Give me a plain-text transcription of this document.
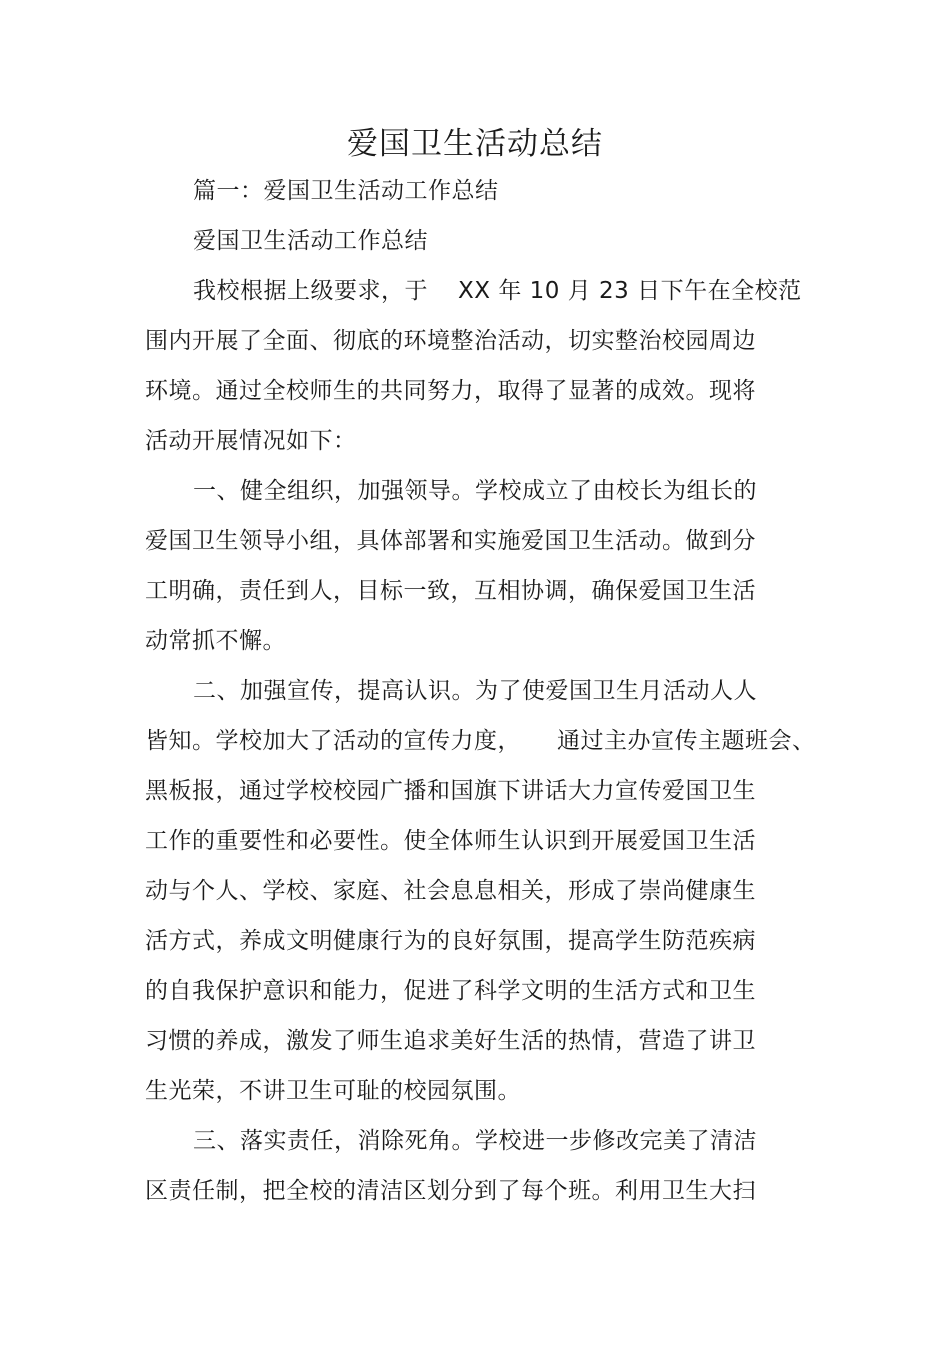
爱国卫生活动总结
篇一：爱国卫生活动工作总结
爱国卫生活动工作总结
我校根据上级要求，于 XX 年 10 月 23 日下午在全校范
围内开展了全面、彻底的环境整治活动，切实整治校园周边
环境。通过全校师生的共同努力，取得了显著的成效。现将
活动开展情况如下：
一、健全组织，加强领导。学校成立了由校长为组长的
爱国卫生领导小组，具体部署和实施爱国卫生活动。做到分
工明确，责任到人，目标一致，互相协调，确保爱国卫生活
动常抓不懈。
二、加强宣传，提高认识。为了使爱国卫生月活动人人
皆知。学校加大了活动的宣传力度， 通过主办宣传主题班会、
黑板报，通过学校校园广播和国旗下讲话大力宣传爱国卫生
工作的重要性和必要性。使全体师生认识到开展爱国卫生活
动与个人、学校、家庭、社会息息相关，形成了崇尚健康生
活方式，养成文明健康行为的良好氛围，提高学生防范疾病
的自我保护意识和能力，促进了科学文明的生活方式和卫生
习惯的养成，激发了师生追求美好生活的热情，营造了讲卫
生光荣，不讲卫生可耻的校园氛围。
三、落实责任，消除死角。学校进一步修改完美了清洁
区责任制，把全校的清洁区划分到了每个班。利用卫生大扫
